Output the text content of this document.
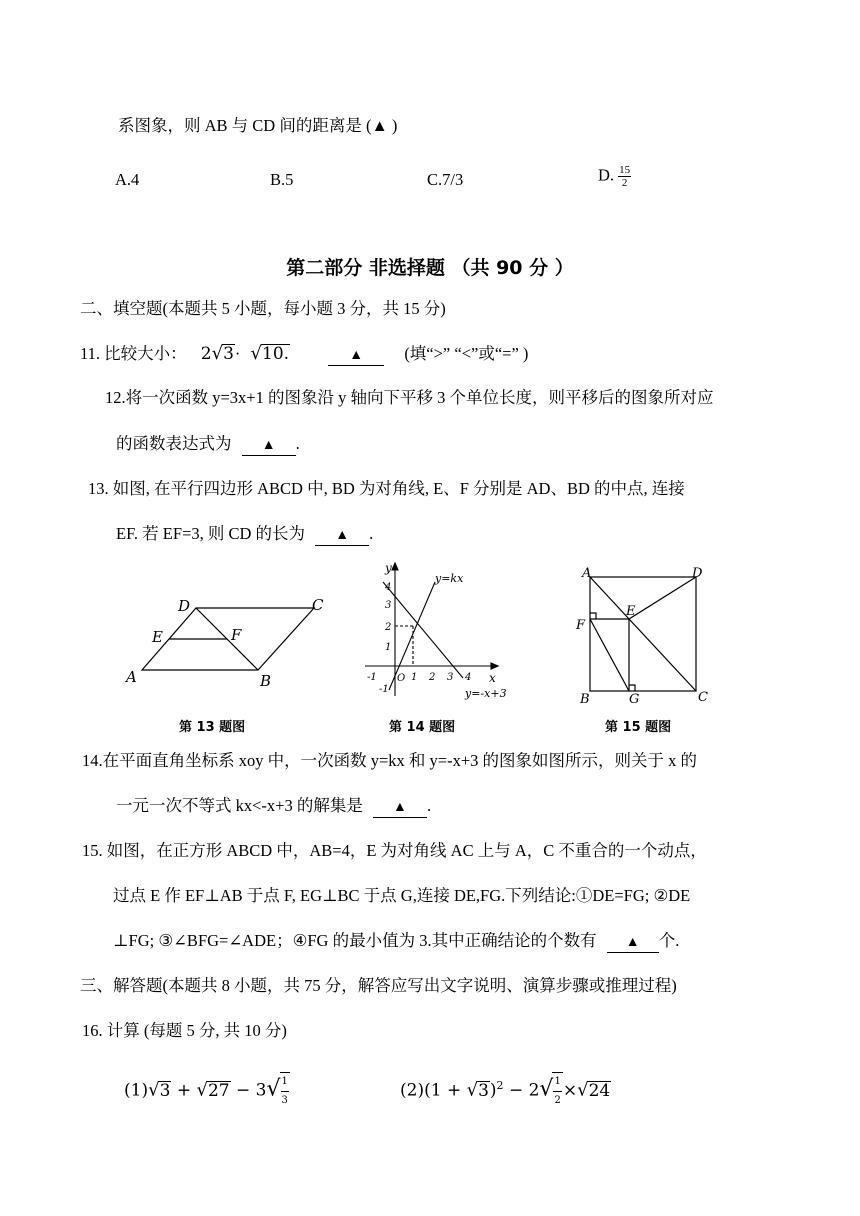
系图象，则 AB 与 CD 间的距离是 (▲ )
A.4	B.5	C.7/3	D. $\frac{15}{2}$
第二部分 非选择题 （共 90 分 ）
二、填空题(本题共 5 小题，每小题 3 分，共 15 分)
11. 比较大小： 2√3· √10.	▲ (填“>” “<”或“=” )
12.将一次函数 y=3x+1 的图象沿 y 轴向下平移 3 个单位长度，则平移后的图象所对应
的函数表达式为 ▲ .
13. 如图, 在平行四边形 ABCD 中, BD 为对角线, E、F 分别是 AD、BD 的中点, 连接
EF. 若 EF=3, 则 CD 的长为 ▲ .
A	B
C
D
E	F
第 13 题图
y
x
y=kx
y=-x+3
4
3
2
1
-1
-1 O 1 2 3 4
第 14 题图
A
B	C
D
E
F
G
第 15 题图
14.在平面直角坐标系 xoy 中，一次函数 y=kx 和 y=-x+3 的图象如图所示，则关于 x 的
一元一次不等式 kx<-x+3 的解集是 ▲ .
15. 如图，在正方形 ABCD 中，AB=4，E 为对角线 AC 上与 A，C 不重合的一个动点，
过点 E 作 EF⊥AB 于点 F, EG⊥BC 于点 G,连接 DE,FG.下列结论:①DE=FG; ②DE
⊥FG; ③∠BFG=∠ADE；④FG 的最小值为 3.其中正确结论的个数有 ▲ 个.
三、解答题(本题共 8 小题，共 75 分，解答应写出文字说明、演算步骤或推理过程)
16. 计算 (每题 5 分, 共 10 分)
$(1)√3 + √27 - 3√ \frac{1}{3}$	$(2)(1 + √3)^2 - 2√ \frac{1}{2} \times√24$
